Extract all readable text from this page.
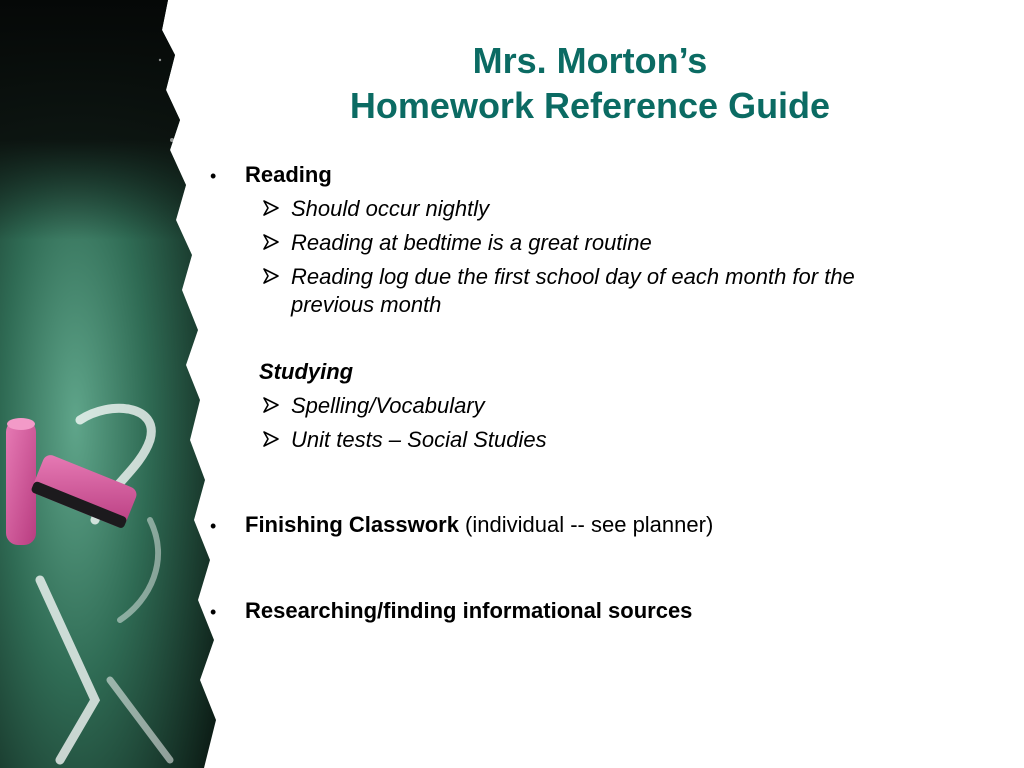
Mrs. Morton’s
Homework Reference Guide
• Reading
Should occur nightly
Reading at bedtime is a great routine
Reading log due the first school day of each month for the
previous month
Studying
Spelling/Vocabulary
Unit tests – Social Studies
• Finishing Classwork (individual -- see planner)
• Researching/finding informational sources
